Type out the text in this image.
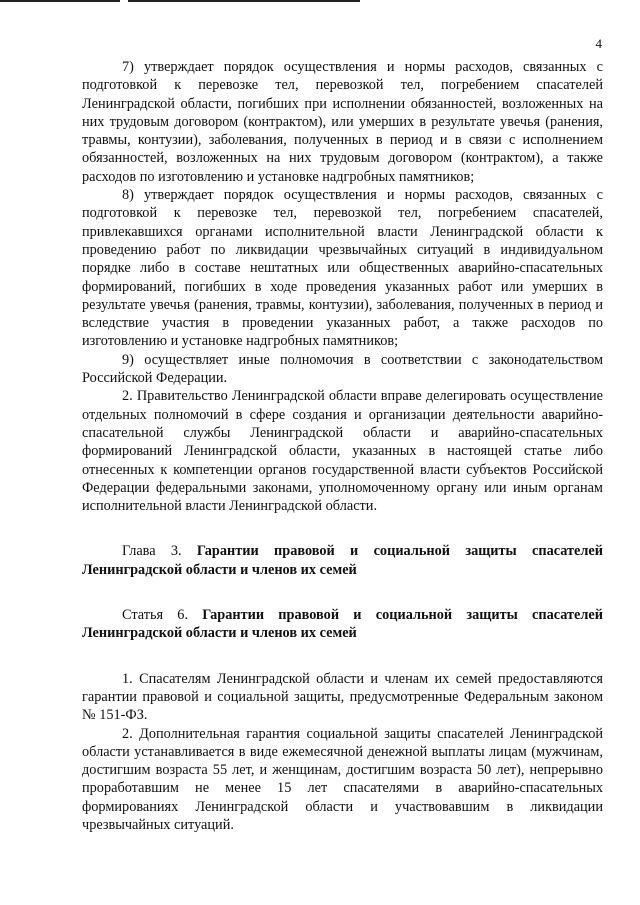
4

7) утверждает порядок осуществления и нормы расходов, связанных с подготовкой к перевозке тел, перевозкой тел, погребением спасателей Ленинградской области, погибших при исполнении обязанностей, возложенных на них трудовым договором (контрактом), или умерших в результате увечья (ранения, травмы, контузии), заболевания, полученных в период и в связи с исполнением обязанностей, возложенных на них трудовым договором (контрактом), а также расходов по изготовлению и установке надгробных памятников;

8) утверждает порядок осуществления и нормы расходов, связанных с подготовкой к перевозке тел, перевозкой тел, погребением спасателей, привлекавшихся органами исполнительной власти Ленинградской области к проведению работ по ликвидации чрезвычайных ситуаций в индивидуальном порядке либо в составе нештатных или общественных аварийно-спасательных формирований, погибших в ходе проведения указанных работ или умерших в результате увечья (ранения, травмы, контузии), заболевания, полученных в период и вследствие участия в проведении указанных работ, а также расходов по изготовлению и установке надгробных памятников;

9) осуществляет иные полномочия в соответствии с законодательством Российской Федерации.

2. Правительство Ленинградской области вправе делегировать осуществление отдельных полномочий в сфере создания и организации деятельности аварийно-спасательной службы Ленинградской области и аварийно-спасательных формирований Ленинградской области, указанных в настоящей статье либо отнесенных к компетенции органов государственной власти субъектов Российской Федерации федеральными законами, уполномоченному органу или иным органам исполнительной власти Ленинградской области.

Глава 3. Гарантии правовой и социальной защиты спасателей Ленинградской области и членов их семей

Статья 6. Гарантии правовой и социальной защиты спасателей Ленинградской области и членов их семей

1. Спасателям Ленинградской области и членам их семей предоставляются гарантии правовой и социальной защиты, предусмотренные Федеральным законом № 151-ФЗ.

2. Дополнительная гарантия социальной защиты спасателей Ленинградской области устанавливается в виде ежемесячной денежной выплаты лицам (мужчинам, достигшим возраста 55 лет, и женщинам, достигшим возраста 50 лет), непрерывно проработавшим не менее 15 лет спасателями в аварийно-спасательных формированиях Ленинградской области и участвовавшим в ликвидации чрезвычайных ситуаций.
